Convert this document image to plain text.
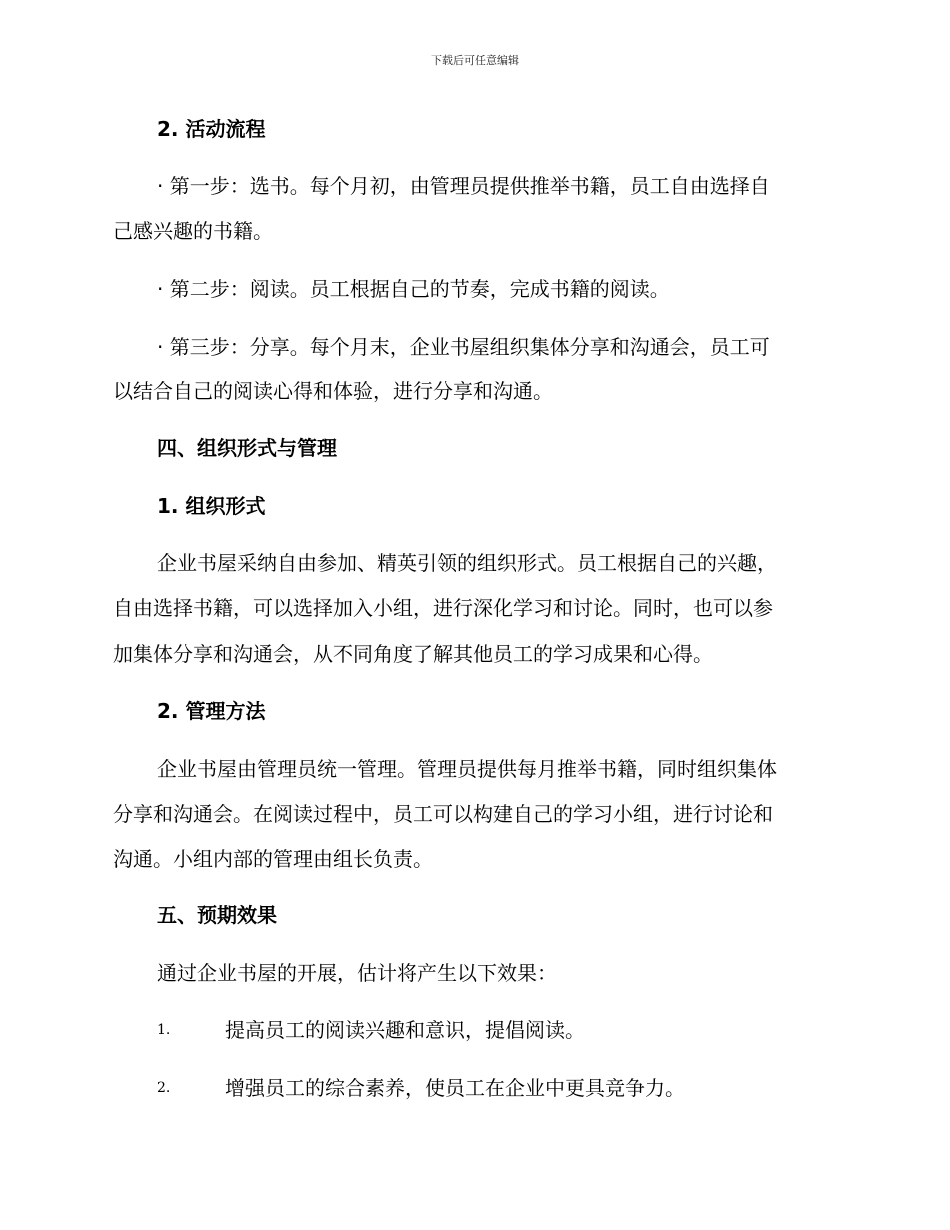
下载后可任意编辑
2. 活动流程
· 第一步：选书。每个月初，由管理员提供推举书籍，员工自由选择自
己感兴趣的书籍。
· 第二步：阅读。员工根据自己的节奏，完成书籍的阅读。
· 第三步：分享。每个月末，企业书屋组织集体分享和沟通会，员工可
以结合自己的阅读心得和体验，进行分享和沟通。
四、组织形式与管理
1. 组织形式
企业书屋采纳自由参加、精英引领的组织形式。员工根据自己的兴趣，
自由选择书籍，可以选择加入小组，进行深化学习和讨论。同时，也可以参
加集体分享和沟通会，从不同角度了解其他员工的学习成果和心得。
2. 管理方法
企业书屋由管理员统一管理。管理员提供每月推举书籍，同时组织集体
分享和沟通会。在阅读过程中，员工可以构建自己的学习小组，进行讨论和
沟通。小组内部的管理由组长负责。
五、预期效果
通过企业书屋的开展，估计将产生以下效果：
1.	提高员工的阅读兴趣和意识，提倡阅读。
2.	增强员工的综合素养，使员工在企业中更具竞争力。
